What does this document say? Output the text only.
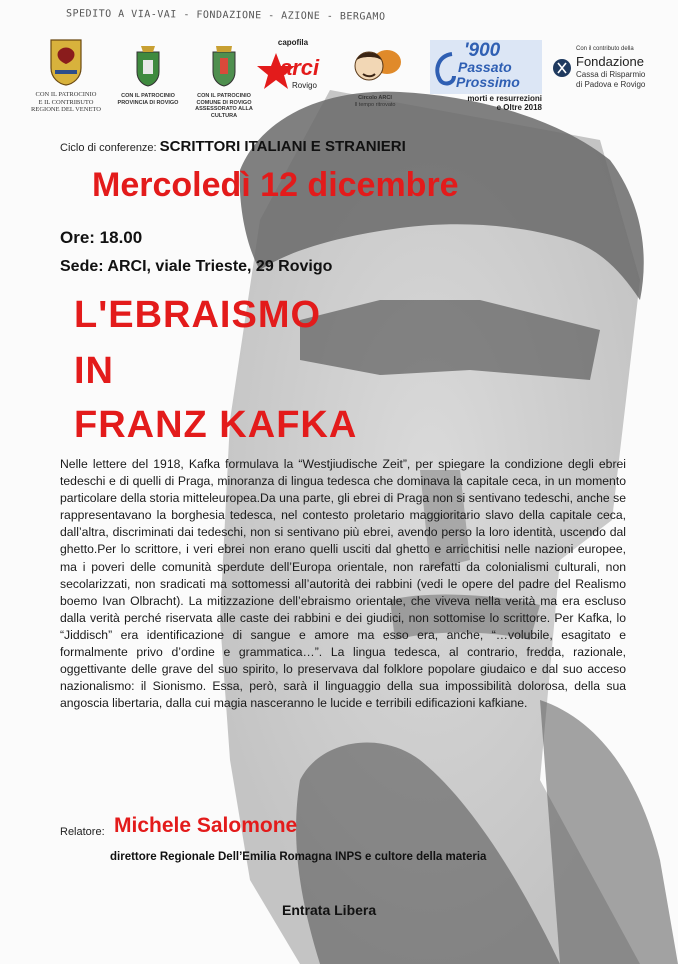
SPEDITO A VIA-VAI - FONDAZIONE - AZIONE - BERGAMO
CON IL PATROCINIO
E IL CONTRIBUTO
REGIONE DEL VENETO
CON IL PATROCINIO
PROVINCIA DI ROVIGO
CON IL PATROCINIO
COMUNE DI ROVIGO
ASSESSORATO ALLA CULTURA
capofila
arci
Rovigo
Circolo ARCI
Il tempo ritrovato
'900
Passato
Prossimo
morti e resurrezioni
e Oltre 2018
Con il contributo della
Fondazione
Cassa di Risparmio
di Padova e Rovigo
Ciclo di conferenze: SCRITTORI ITALIANI E STRANIERI
Mercoledì 12 dicembre
Ore: 18.00
Sede: ARCI, viale Trieste, 29 Rovigo
L'EBRAISMO
IN
FRANZ KAFKA
Nelle lettere del 1918, Kafka formulava la “Westjiudische Zeit”, per spiegare la condizione degli ebrei tedeschi e di quelli di Praga, minoranza di lingua tedesca che dominava la capitale ceca, in un momento particolare della storia mitteleuropea.Da una parte, gli ebrei di Praga non si sentivano tedeschi, anche se rappresentavano la borghesia tedesca, nel contesto proletario maggioritario slavo della capitale ceca, dall’altra, discriminati dai tedeschi, non si sentivano più ebrei, avendo perso la loro identità, uscendo dal ghetto.Per lo scrittore, i veri ebrei non erano quelli usciti dal ghetto e arricchitisi nelle nazioni europee, ma i poveri delle comunità sperdute dell’Europa orientale, non rarefatti da colonialismi culturali, non secolarizzati, non sradicati ma sottomessi all’autorità dei rabbini (vedi le opere del padre del Realismo boemo Ivan Olbracht). La mitizzazione dell’ebraismo orientale, che viveva nella verità ma era escluso dalla verità perché riservata alle caste dei rabbini e dei giudici, non sottomise lo scrittore. Per Kafka, lo “Jiddisch” era identificazione di sangue e amore ma esso era, anche, “…volubile, esagitato e formalmente privo d’ordine e grammatica…”. La lingua tedesca, al contrario, fredda, razionale, oggettivante delle grave del suo spirito, lo preservava dal folklore popolare giudaico e dal suo acceso nazionalismo: il Sionismo. Essa, però, sarà il linguaggio della sua impossibilità dolorosa, della sua angoscia libertaria, dalla cui magia nasceranno le lucide e terribili edificazioni kafkiane.
Relatore: Michele Salomone
direttore Regionale Dell’Emilia Romagna INPS e cultore della materia
Entrata Libera
